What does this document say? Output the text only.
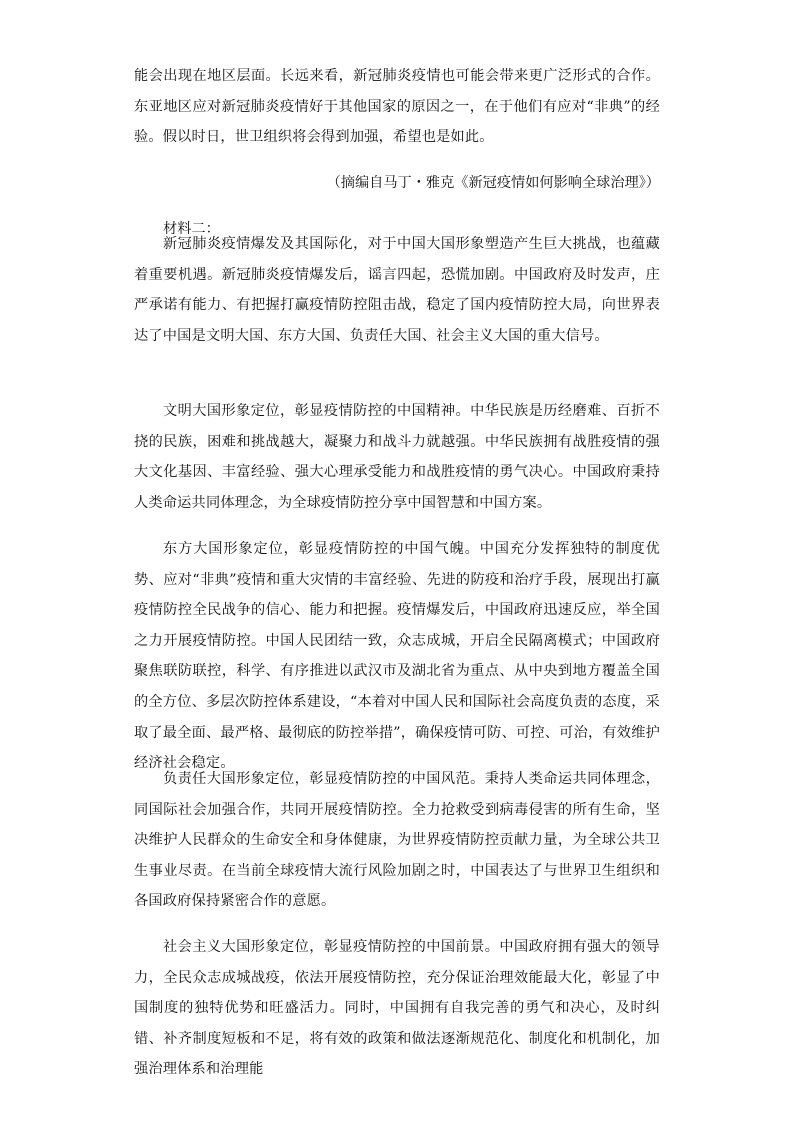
能会出现在地区层面。长远来看，新冠肺炎疫情也可能会带来更广泛形式的合作。东亚地区应对新冠肺炎疫情好于其他国家的原因之一，在于他们有应对“非典”的经验。假以时日，世卫组织将会得到加强，希望也是如此。

（摘编自马丁・雅克《新冠疫情如何影响全球治理》）

材料二：

新冠肺炎疫情爆发及其国际化，对于中国大国形象塑造产生巨大挑战，也蕴藏着重要机遇。新冠肺炎疫情爆发后，谣言四起，恐慌加剧。中国政府及时发声，庄严承诺有能力、有把握打赢疫情防控阻击战，稳定了国内疫情防控大局，向世界表达了中国是文明大国、东方大国、负责任大国、社会主义大国的重大信号。

文明大国形象定位，彰显疫情防控的中国精神。中华民族是历经磨难、百折不挠的民族，困难和挑战越大，凝聚力和战斗力就越强。中华民族拥有战胜疫情的强大文化基因、丰富经验、强大心理承受能力和战胜疫情的勇气决心。中国政府秉持人类命运共同体理念，为全球疫情防控分享中国智慧和中国方案。

东方大国形象定位，彰显疫情防控的中国气魄。中国充分发挥独特的制度优势、应对“非典”疫情和重大灾情的丰富经验、先进的防疫和治疗手段，展现出打赢疫情防控全民战争的信心、能力和把握。疫情爆发后，中国政府迅速反应，举全国之力开展疫情防控。中国人民团结一致，众志成城，开启全民隔离模式；中国政府聚焦联防联控，科学、有序推进以武汉市及湖北省为重点、从中央到地方覆盖全国的全方位、多层次防控体系建设，“本着对中国人民和国际社会高度负责的态度，采取了最全面、最严格、最彻底的防控举措”，确保疫情可防、可控、可治，有效维护经济社会稳定。

负责任大国形象定位，彰显疫情防控的中国风范。秉持人类命运共同体理念，同国际社会加强合作，共同开展疫情防控。全力抢救受到病毒侵害的所有生命，坚决维护人民群众的生命安全和身体健康，为世界疫情防控贡献力量，为全球公共卫生事业尽责。在当前全球疫情大流行风险加剧之时，中国表达了与世界卫生组织和各国政府保持紧密合作的意愿。

社会主义大国形象定位，彰显疫情防控的中国前景。中国政府拥有强大的领导力，全民众志成城战疫，依法开展疫情防控，充分保证治理效能最大化，彰显了中国制度的独特优势和旺盛活力。同时，中国拥有自我完善的勇气和决心，及时纠错、补齐制度短板和不足，将有效的政策和做法逐渐规范化、制度化和机制化，加强治理体系和治理能
